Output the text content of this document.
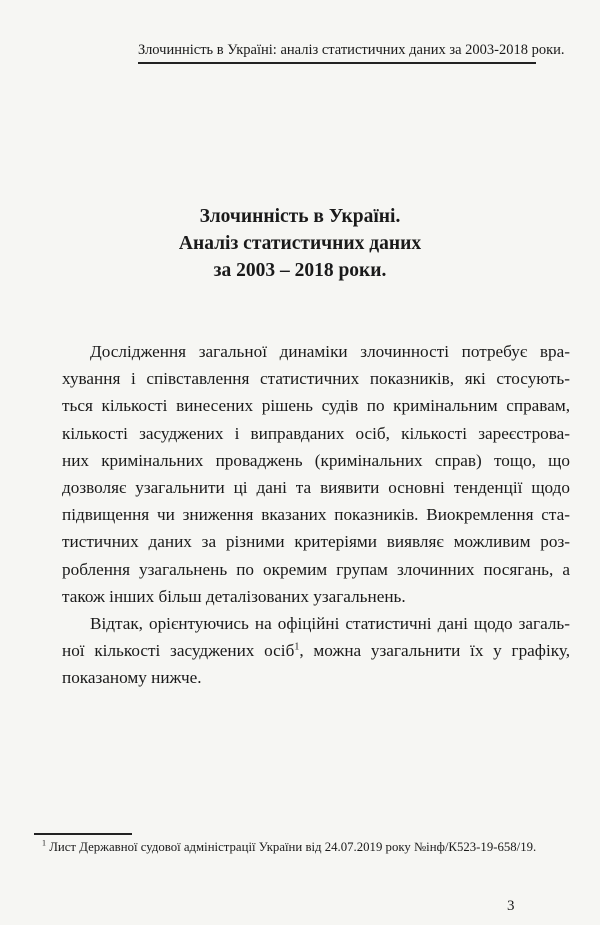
Злочинність в Україні: аналіз статистичних даних за 2003-2018 роки.
Злочинність в Україні.
Аналіз статистичних даних
за 2003 – 2018 роки.
Дослідження загальної динаміки злочинності потребує вра-
хування і співставлення статистичних показників, які стосують-
ться кількості винесених рішень судів по кримінальним справам,
кількості засуджених і виправданих осіб, кількості зареєстрова-
них кримінальних проваджень (кримінальних справ) тощо, що
дозволяє узагальнити ці дані та виявити основні тенденції щодо
підвищення чи зниження вказаних показників. Виокремлення ста-
тистичних даних за різними критеріями виявляє можливим роз-
роблення узагальнень по окремим групам злочинних посягань, а
також інших більш деталізованих узагальнень.
Відтак, орієнтуючись на офіційні статистичні дані щодо загаль-
ної кількості засуджених осіб$^1$, можна узагальнити їх у графіку,
показаному нижче.
$^1$ Лист Державної судової адміністрації України від 24.07.2019 року №інф/К523-19-658/19.
3
